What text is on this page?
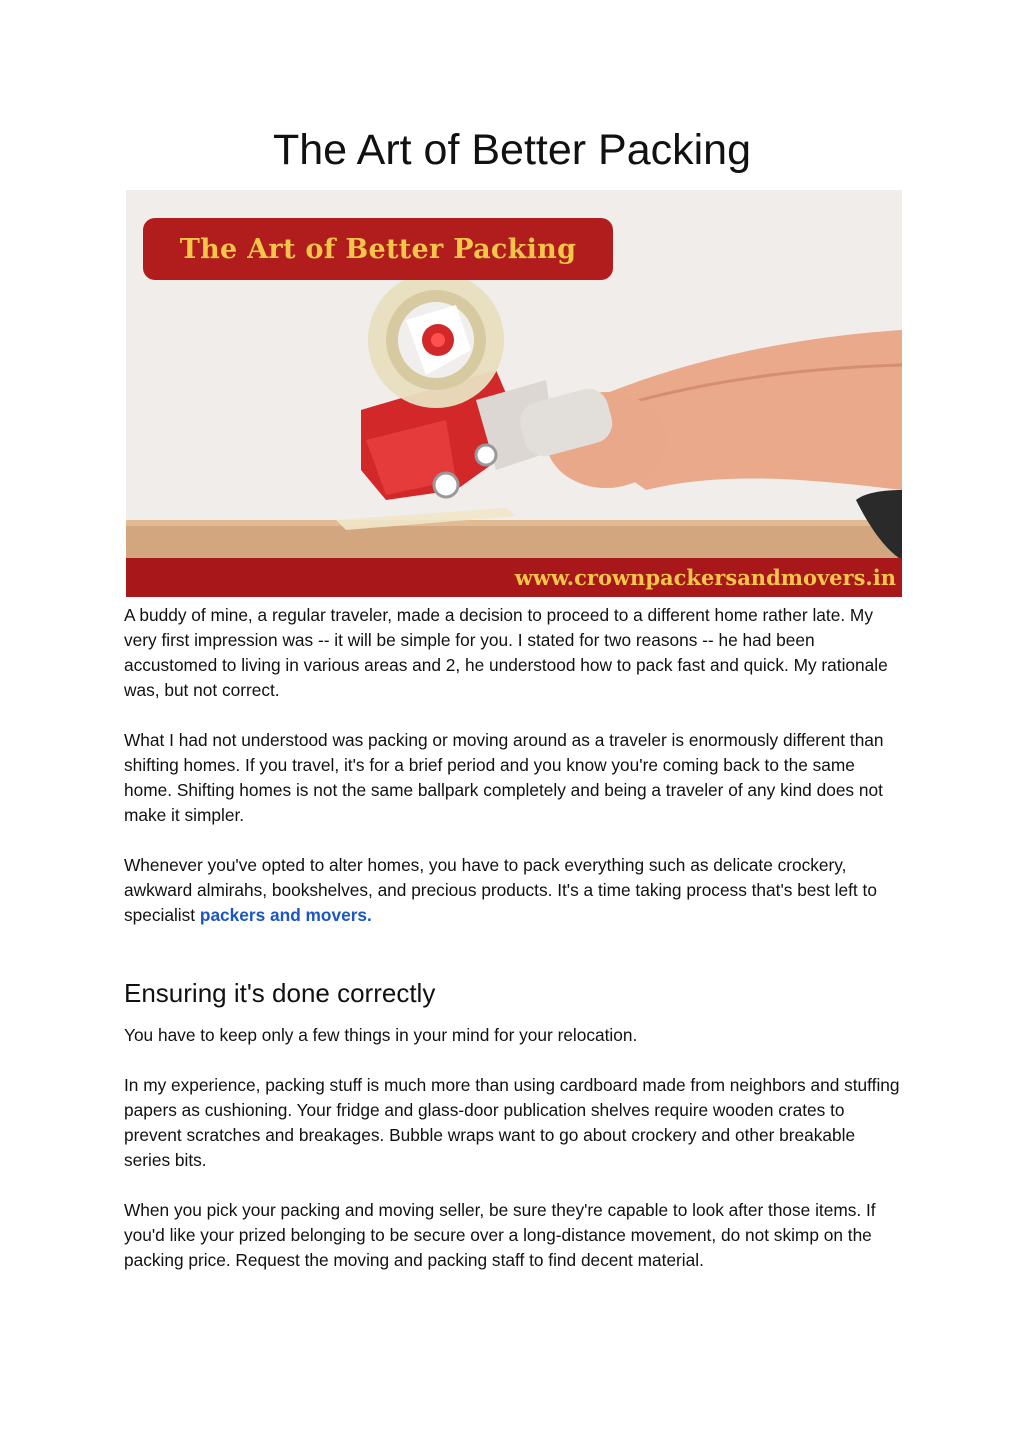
The Art of Better Packing
The Art of Better Packing
www.crownpackersandmovers.in

A buddy of mine, a regular traveler, made a decision to proceed to a different home rather late. My very first impression was -- it will be simple for you. I stated for two reasons -- he had been accustomed to living in various areas and 2, he understood how to pack fast and quick. My rationale was, but not correct.

What I had not understood was packing or moving around as a traveler is enormously different than shifting homes. If you travel, it's for a brief period and you know you're coming back to the same home. Shifting homes is not the same ballpark completely and being a traveler of any kind does not make it simpler.

Whenever you've opted to alter homes, you have to pack everything such as delicate crockery, awkward almirahs, bookshelves, and precious products. It's a time taking process that's best left to specialist packers and movers.

Ensuring it's done correctly

You have to keep only a few things in your mind for your relocation.

In my experience, packing stuff is much more than using cardboard made from neighbors and stuffing papers as cushioning. Your fridge and glass-door publication shelves require wooden crates to prevent scratches and breakages. Bubble wraps want to go about crockery and other breakable series bits.

When you pick your packing and moving seller, be sure they're capable to look after those items. If you'd like your prized belonging to be secure over a long-distance movement, do not skimp on the packing price. Request the moving and packing staff to find decent material.
